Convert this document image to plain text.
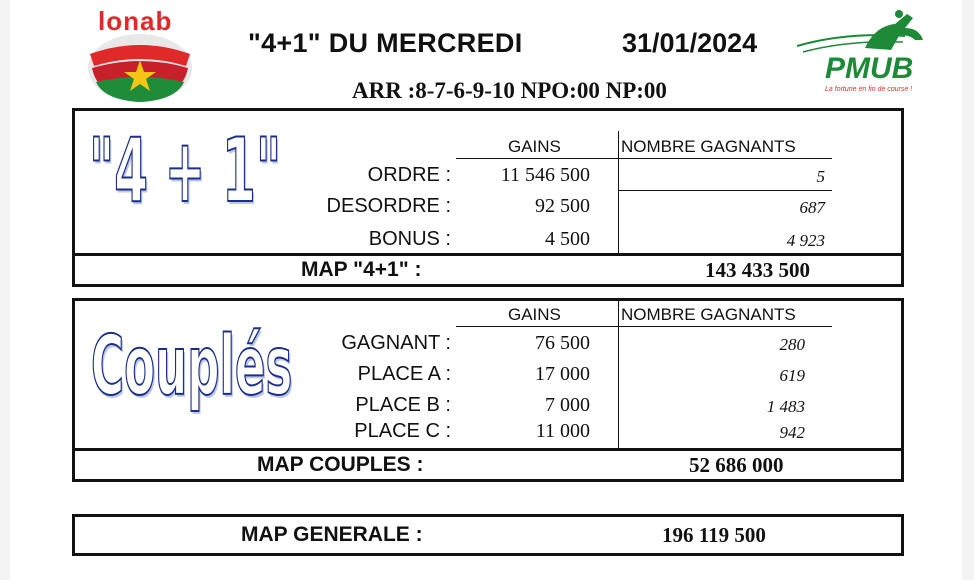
lonab
"4+1" DU MERCREDI	31/01/2024
ARR :8-7-6-9-10 NPO:00 NP:00
PMUB
La fortune en fin de course !
"4 + 1"	GAINS	NOMBRE GAGNANTS
ORDRE :	11 546 500	5
DESORDRE :	92 500	687
BONUS :	4 500	4 923
MAP "4+1" :	143 433 500
Couplés
GAINS	NOMBRE GAGNANTS
GAGNANT :	76 500	280
PLACE A :	17 000	619
PLACE B :	7 000	1 483
PLACE C :	11 000	942
MAP COUPLES :	52 686 000
MAP GENERALE :	196 119 500
